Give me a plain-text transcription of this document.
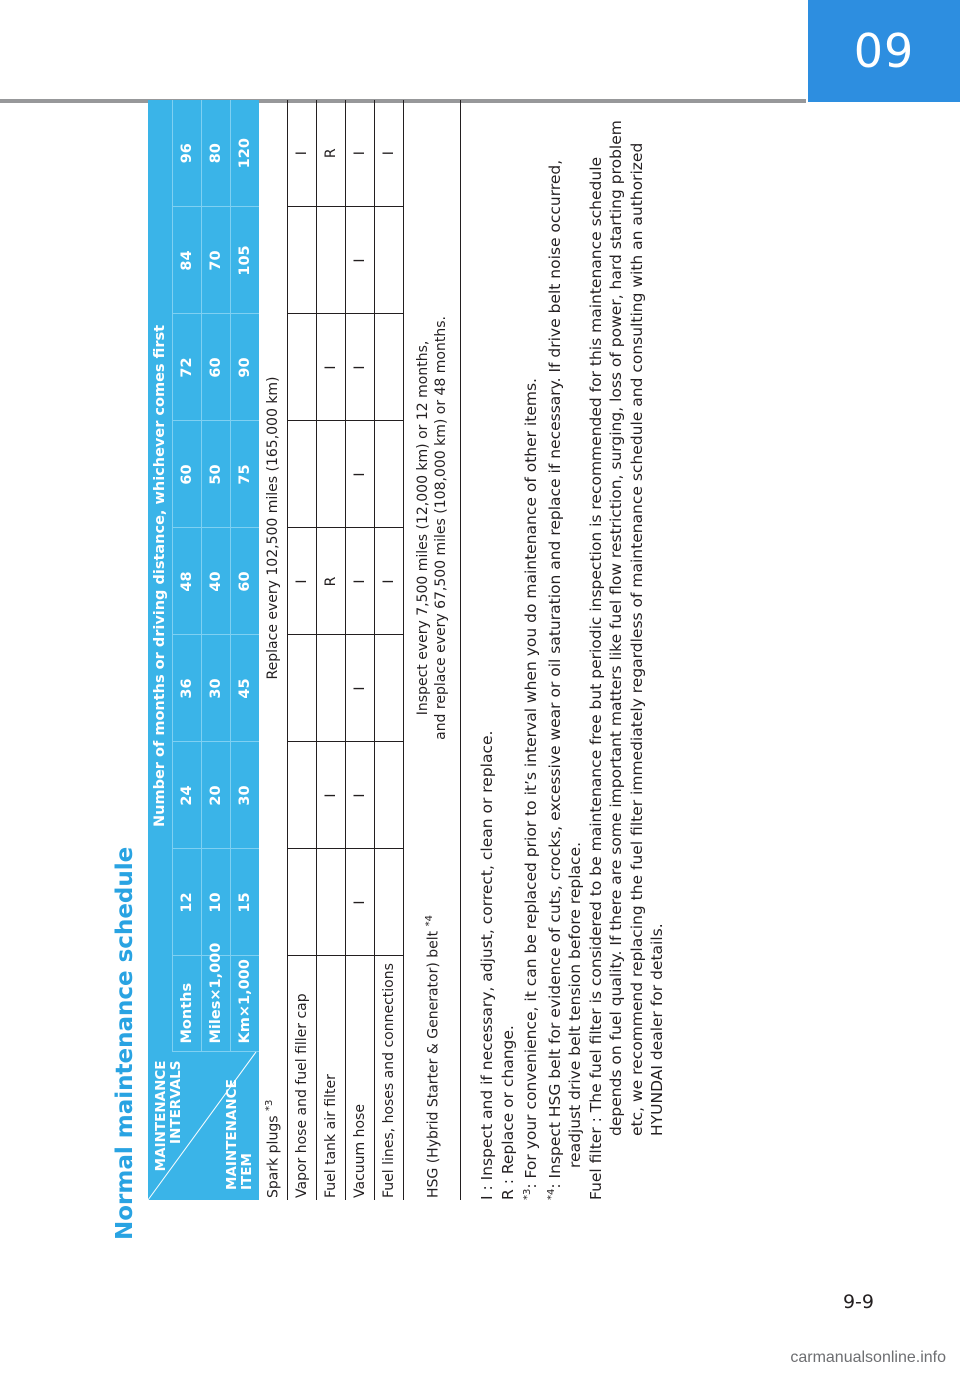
09
Normal maintenance schedule MAINTENANCE INTERVALS MAINTENANCE ITEM	Number of months or driving distance, whichever comes first								
	Months	12	24	36	48	60	72	84	96
	Miles×1,000	10	20	30	40	50	60	70	80
	Km×1,000	15	30	45	60	75	90	105	120
Spark plugs $^{*3}$		Replace every 102,500 miles (165,000 km)							
Vapor hose and fuel filler cap					I				I
Fuel tank air filter			I		R		I		R
Vacuum hose		I	I	I	I	I	I	I	I
Fuel lines, hoses and connections					I				I
HSG (Hybrid Starter & Generator) belt $^{*4}$		Inspect every 7,500 miles (12,000 km) or 12 months, and replace every 67,500 miles (108,000 km) or 48 months.							

I : Inspect and if necessary, adjust, correct, clean or replace. R : Replace or change. $^{*3}$: For your convenience, it can be replaced prior to it’s interval when you do maintenance of other items.

$^{*4}$: Inspect HSG belt for evidence of cuts, crocks, excessive wear or oil saturation and replace if necessary. If drive belt noise occurred, readjust drive belt tension before replace. Fuel filter : The fuel filter is considered to be maintenance free but periodic inspection is recommended for this maintenance schedule depends on fuel quality. If there are some important matters like fuel flow restriction, surging, loss of power, hard starting problem etc, we recommend replacing the fuel filter immediately regardless of maintenance schedule and consulting with an authorized HYUNDAI dealer for details.

9-9
carmanualsonline.info
